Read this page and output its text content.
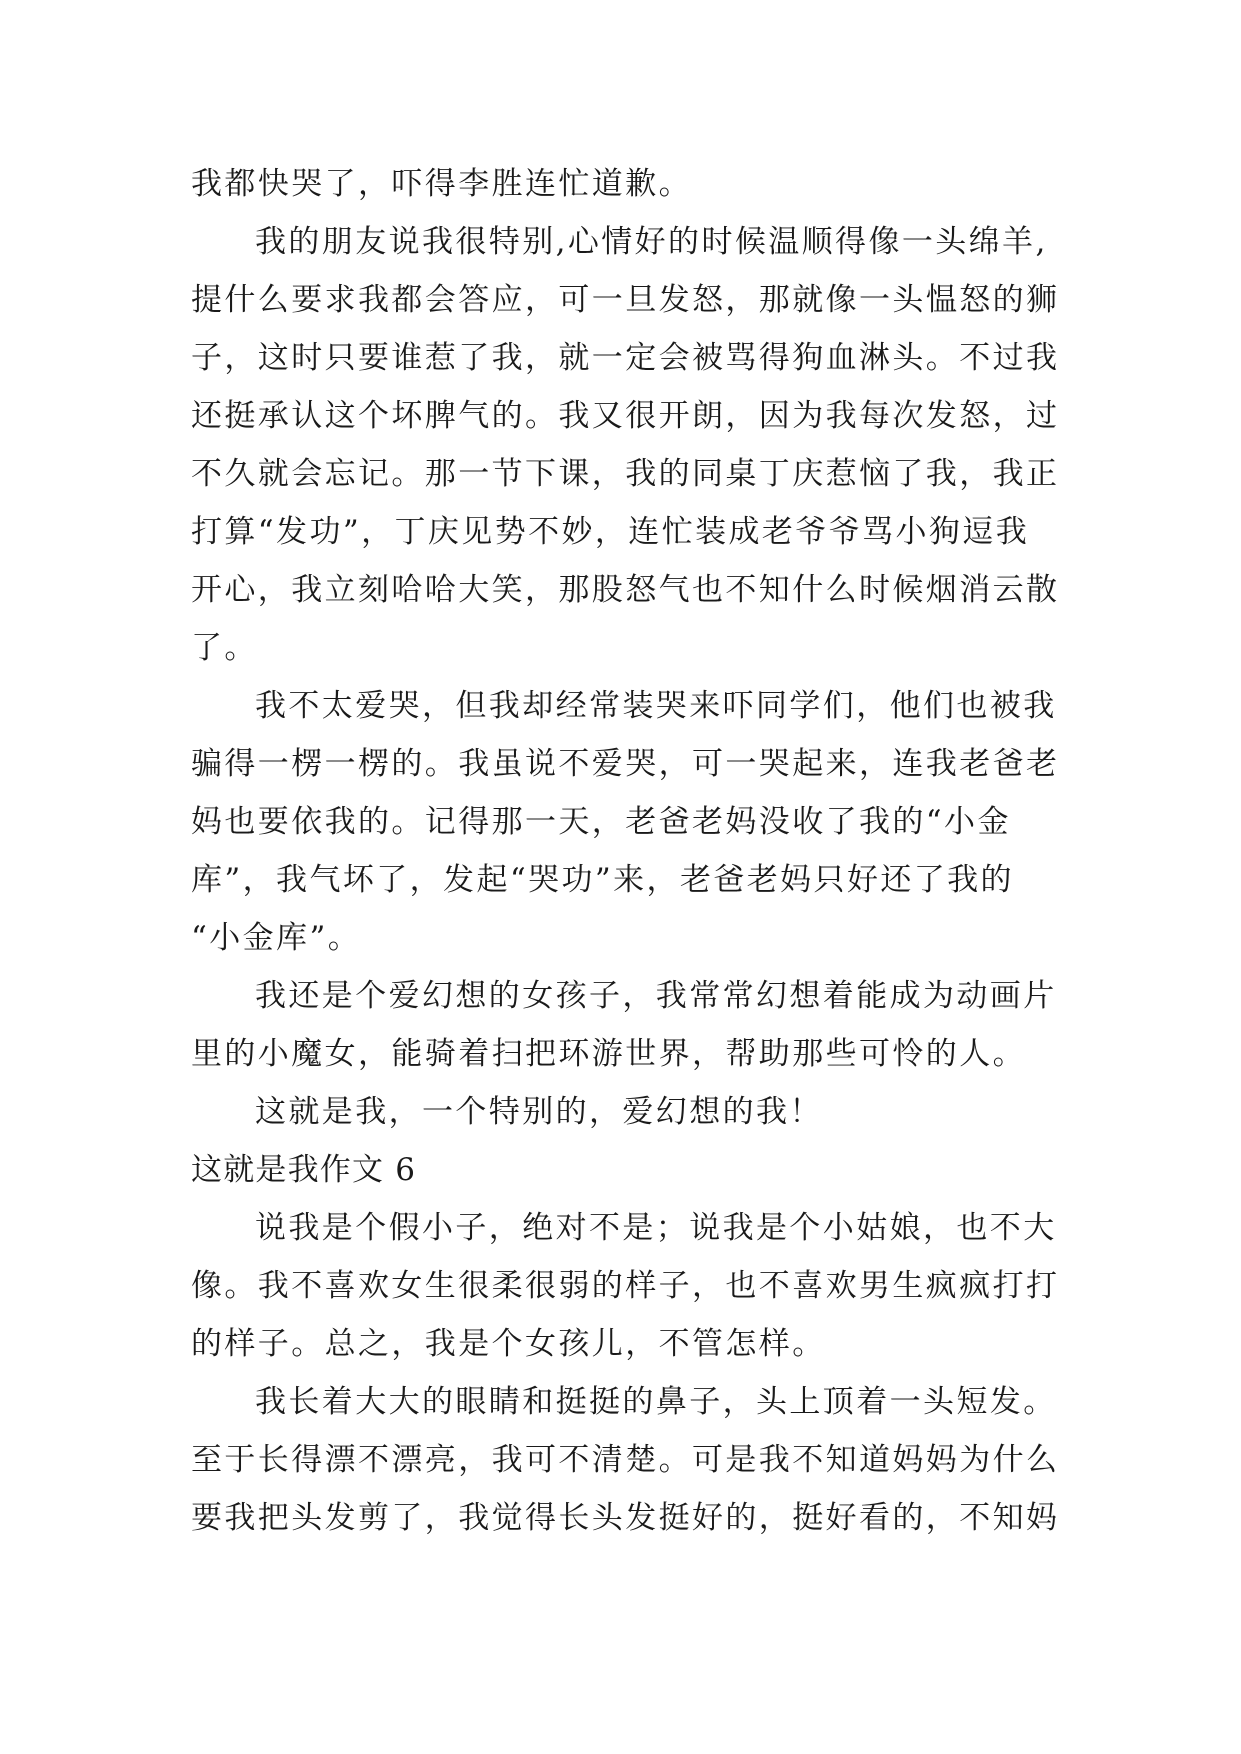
我都快哭了，吓得李胜连忙道歉。
我的朋友说我很特别,心情好的时候温顺得像一头绵羊,
提什么要求我都会答应，可一旦发怒，那就像一头愠怒的狮
子，这时只要谁惹了我，就一定会被骂得狗血淋头。不过我
还挺承认这个坏脾气的。我又很开朗，因为我每次发怒，过
不久就会忘记。那一节下课，我的同桌丁庆惹恼了我，我正
打算“发功”，丁庆见势不妙，连忙装成老爷爷骂小狗逗我
开心，我立刻哈哈大笑，那股怒气也不知什么时候烟消云散
了。
我不太爱哭，但我却经常装哭来吓同学们，他们也被我
骗得一楞一楞的。我虽说不爱哭，可一哭起来，连我老爸老
妈也要依我的。记得那一天，老爸老妈没收了我的“小金
库”，我气坏了，发起“哭功”来，老爸老妈只好还了我的
“小金库”。
我还是个爱幻想的女孩子，我常常幻想着能成为动画片
里的小魔女，能骑着扫把环游世界，帮助那些可怜的人。
这就是我，一个特别的，爱幻想的我！
这就是我作文 6
说我是个假小子，绝对不是；说我是个小姑娘，也不大
像。我不喜欢女生很柔很弱的样子，也不喜欢男生疯疯打打
的样子。总之，我是个女孩儿，不管怎样。
我长着大大的眼睛和挺挺的鼻子，头上顶着一头短发。
至于长得漂不漂亮，我可不清楚。可是我不知道妈妈为什么
要我把头发剪了，我觉得长头发挺好的，挺好看的，不知妈
